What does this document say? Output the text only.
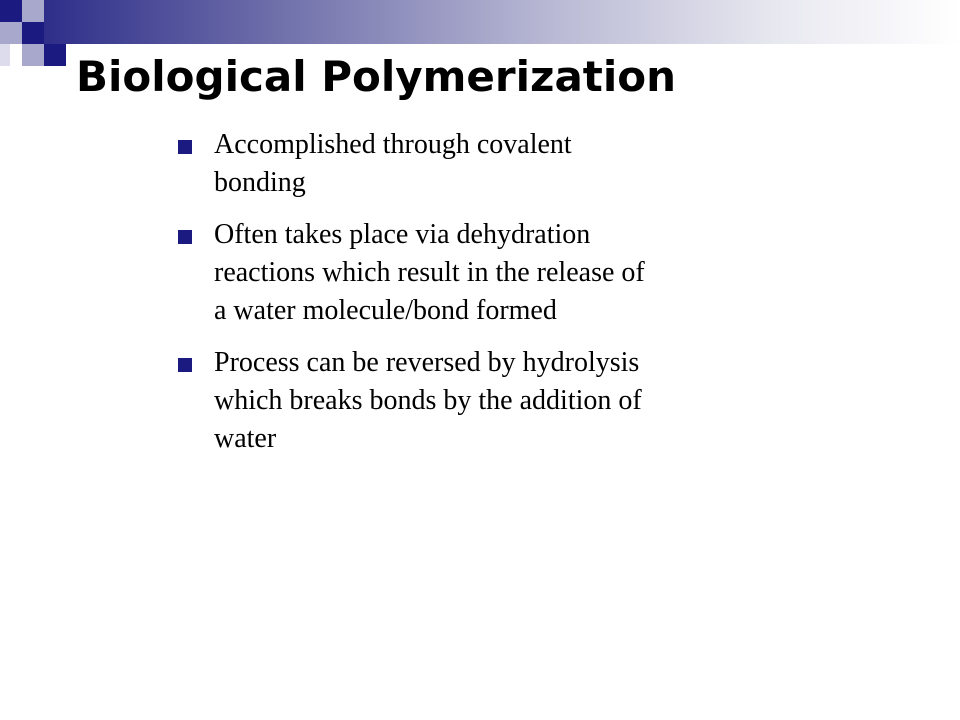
Biological Polymerization
Accomplished through covalent bonding
Often takes place via dehydration reactions which result in the release of a water molecule/bond formed
Process can be reversed by hydrolysis which breaks bonds by the addition of water
